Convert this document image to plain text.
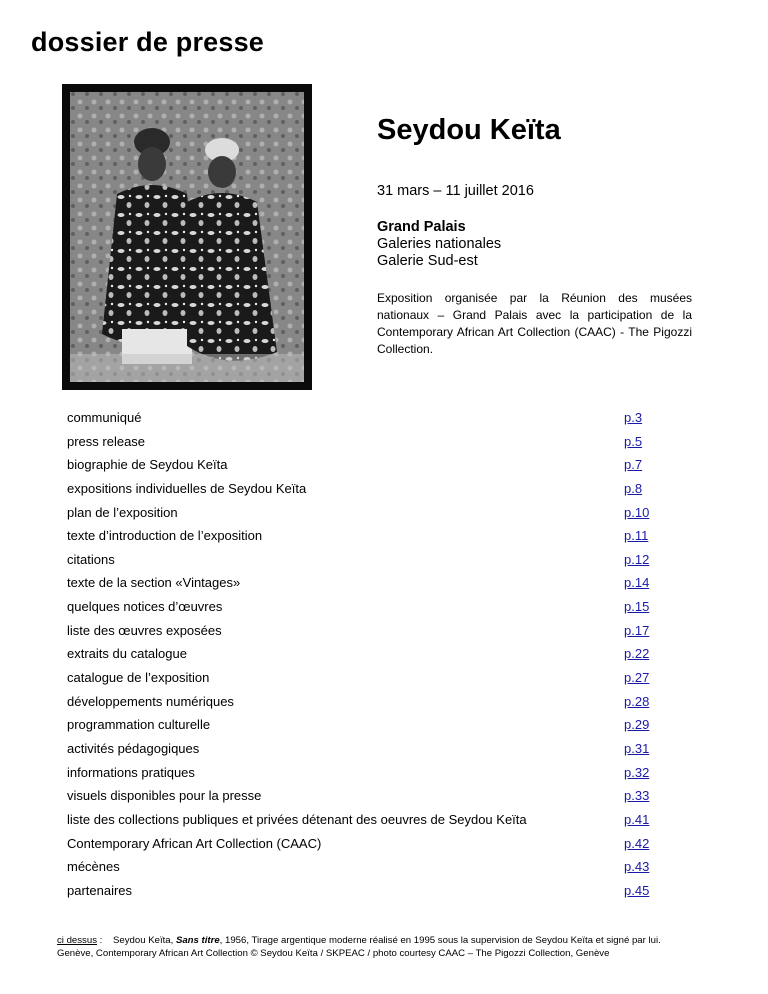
dossier de presse
Seydou Keïta
31 mars – 11 juillet 2016
Grand Palais
Galeries nationales
Galerie Sud-est
Exposition organisée par la Réunion des musées nationaux – Grand Palais avec la participation de la Contemporary African Art Collection (CAAC) - The Pigozzi Collection.
communiqué	p.3
press release	p.5
biographie de Seydou Keïta	p.7
expositions individuelles de Seydou Keïta	p.8
plan de l’exposition	p.10
texte d’introduction de l’exposition	p.11
citations	p.12
texte de la section «Vintages»	p.14
quelques notices d’œuvres	p.15
liste des œuvres exposées	p.17
extraits du catalogue	p.22
catalogue de l’exposition	p.27
développements numériques	p.28
programmation culturelle	p.29
activités pédagogiques	p.31
informations pratiques	p.32
visuels disponibles pour la presse	p.33
liste des collections publiques et privées détenant des oeuvres de Seydou Keïta	p.41
Contemporary African Art Collection (CAAC)	p.42
mécènes	p.43
partenaires	p.45
ci dessus :    Seydou Keïta, Sans titre, 1956, Tirage argentique moderne réalisé en 1995 sous la supervision de Seydou Keïta et signé par lui.
Genève, Contemporary African Art Collection © Seydou Keïta / SKPEAC / photo courtesy CAAC – The Pigozzi Collection, Genève
